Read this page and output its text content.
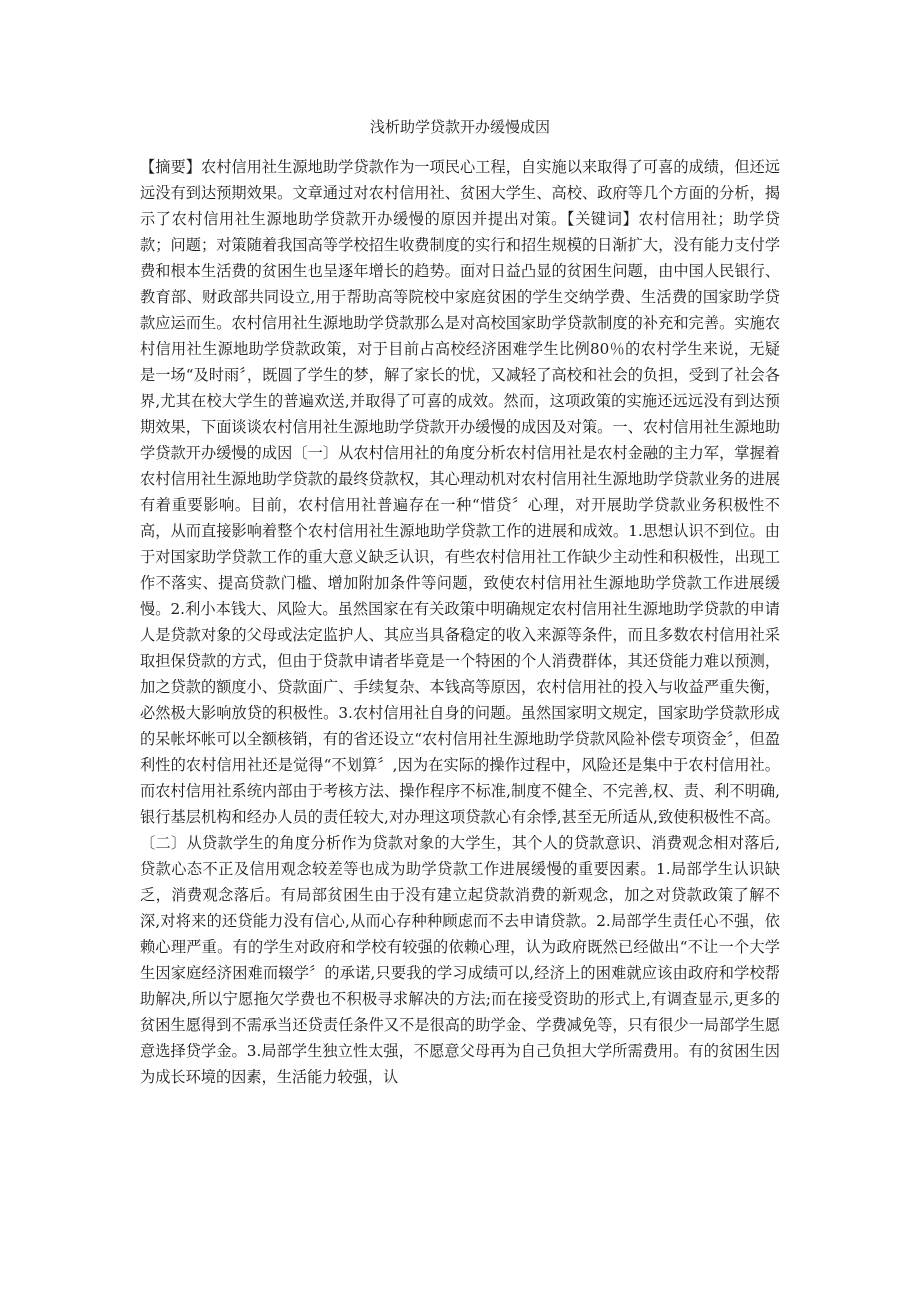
浅析助学贷款开办缓慢成因

【摘要】农村信用社生源地助学贷款作为一项民心工程，自实施以来取得了可喜的成绩，但还远远没有到达预期效果。文章通过对农村信用社、贫困大学生、高校、政府等几个方面的分析，揭示了农村信用社生源地助学贷款开办缓慢的原因并提出对策。【关键词】农村信用社；助学贷款；问题；对策随着我国高等学校招生收费制度的实行和招生规模的日渐扩大，没有能力支付学费和根本生活费的贫困生也呈逐年增长的趋势。面对日益凸显的贫困生问题，由中国人民银行、教育部、财政部共同设立,用于帮助高等院校中家庭贫困的学生交纳学费、生活费的国家助学贷款应运而生。农村信用社生源地助学贷款那么是对高校国家助学贷款制度的补充和完善。实施农村信用社生源地助学贷款政策，对于目前占高校经济困难学生比例80％的农村学生来说，无疑是一场“及时雨〞，既圆了学生的梦，解了家长的忧，又减轻了高校和社会的负担，受到了社会各界,尤其在校大学生的普遍欢送,并取得了可喜的成效。然而，这项政策的实施还远远没有到达预期效果，下面谈谈农村信用社生源地助学贷款开办缓慢的成因及对策。一、农村信用社生源地助学贷款开办缓慢的成因〔一〕从农村信用社的角度分析农村信用社是农村金融的主力军，掌握着农村信用社生源地助学贷款的最终贷款权，其心理动机对农村信用社生源地助学贷款业务的进展有着重要影响。目前，农村信用社普遍存在一种“惜贷〞心理，对开展助学贷款业务积极性不高，从而直接影响着整个农村信用社生源地助学贷款工作的进展和成效。1.思想认识不到位。由于对国家助学贷款工作的重大意义缺乏认识，有些农村信用社工作缺少主动性和积极性，出现工作不落实、提高贷款门槛、增加附加条件等问题，致使农村信用社生源地助学贷款工作进展缓慢。2.利小本钱大、风险大。虽然国家在有关政策中明确规定农村信用社生源地助学贷款的申请人是贷款对象的父母或法定监护人、其应当具备稳定的收入来源等条件，而且多数农村信用社采取担保贷款的方式，但由于贷款申请者毕竟是一个特困的个人消费群体，其还贷能力难以预测，加之贷款的额度小、贷款面广、手续复杂、本钱高等原因，农村信用社的投入与收益严重失衡，必然极大影响放贷的积极性。3.农村信用社自身的问题。虽然国家明文规定，国家助学贷款形成的呆帐坏帐可以全额核销，有的省还设立“农村信用社生源地助学贷款风险补偿专项资金〞，但盈利性的农村信用社还是觉得“不划算〞,因为在实际的操作过程中，风险还是集中于农村信用社。而农村信用社系统内部由于考核方法、操作程序不标准,制度不健全、不完善,权、责、利不明确,银行基层机构和经办人员的责任较大,对办理这项贷款心有余悸,甚至无所适从,致使积极性不高。〔二〕从贷款学生的角度分析作为贷款对象的大学生，其个人的贷款意识、消费观念相对落后,贷款心态不正及信用观念较差等也成为助学贷款工作进展缓慢的重要因素。1.局部学生认识缺乏，消费观念落后。有局部贫困生由于没有建立起贷款消费的新观念，加之对贷款政策了解不深,对将来的还贷能力没有信心,从而心存种种顾虑而不去申请贷款。2.局部学生责任心不强，依赖心理严重。有的学生对政府和学校有较强的依赖心理，认为政府既然已经做出“不让一个大学生因家庭经济困难而辍学〞的承诺,只要我的学习成绩可以,经济上的困难就应该由政府和学校帮助解决,所以宁愿拖欠学费也不积极寻求解决的方法;而在接受资助的形式上,有调查显示,更多的贫困生愿得到不需承当还贷责任条件又不是很高的助学金、学费减免等，只有很少一局部学生愿意选择贷学金。3.局部学生独立性太强，不愿意父母再为自己负担大学所需费用。有的贫困生因为成长环境的因素，生活能力较强，认
